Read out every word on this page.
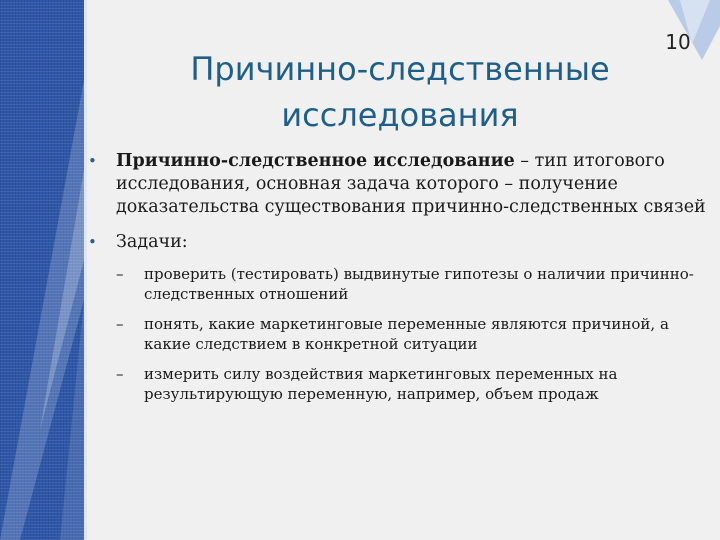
10
Причинно-следственные
исследования
• Причинно-следственное исследование – тип итогового исследования, основная задача которого – получение доказательства существования причинно-следственных связей
• Задачи:
– проверить (тестировать) выдвинутые гипотезы о наличии причинно-следственных отношений
– понять, какие маркетинговые переменные являются причиной, а какие следствием в конкретной ситуации
– измерить силу воздействия маркетинговых переменных на результирующую переменную, например, объем продаж
